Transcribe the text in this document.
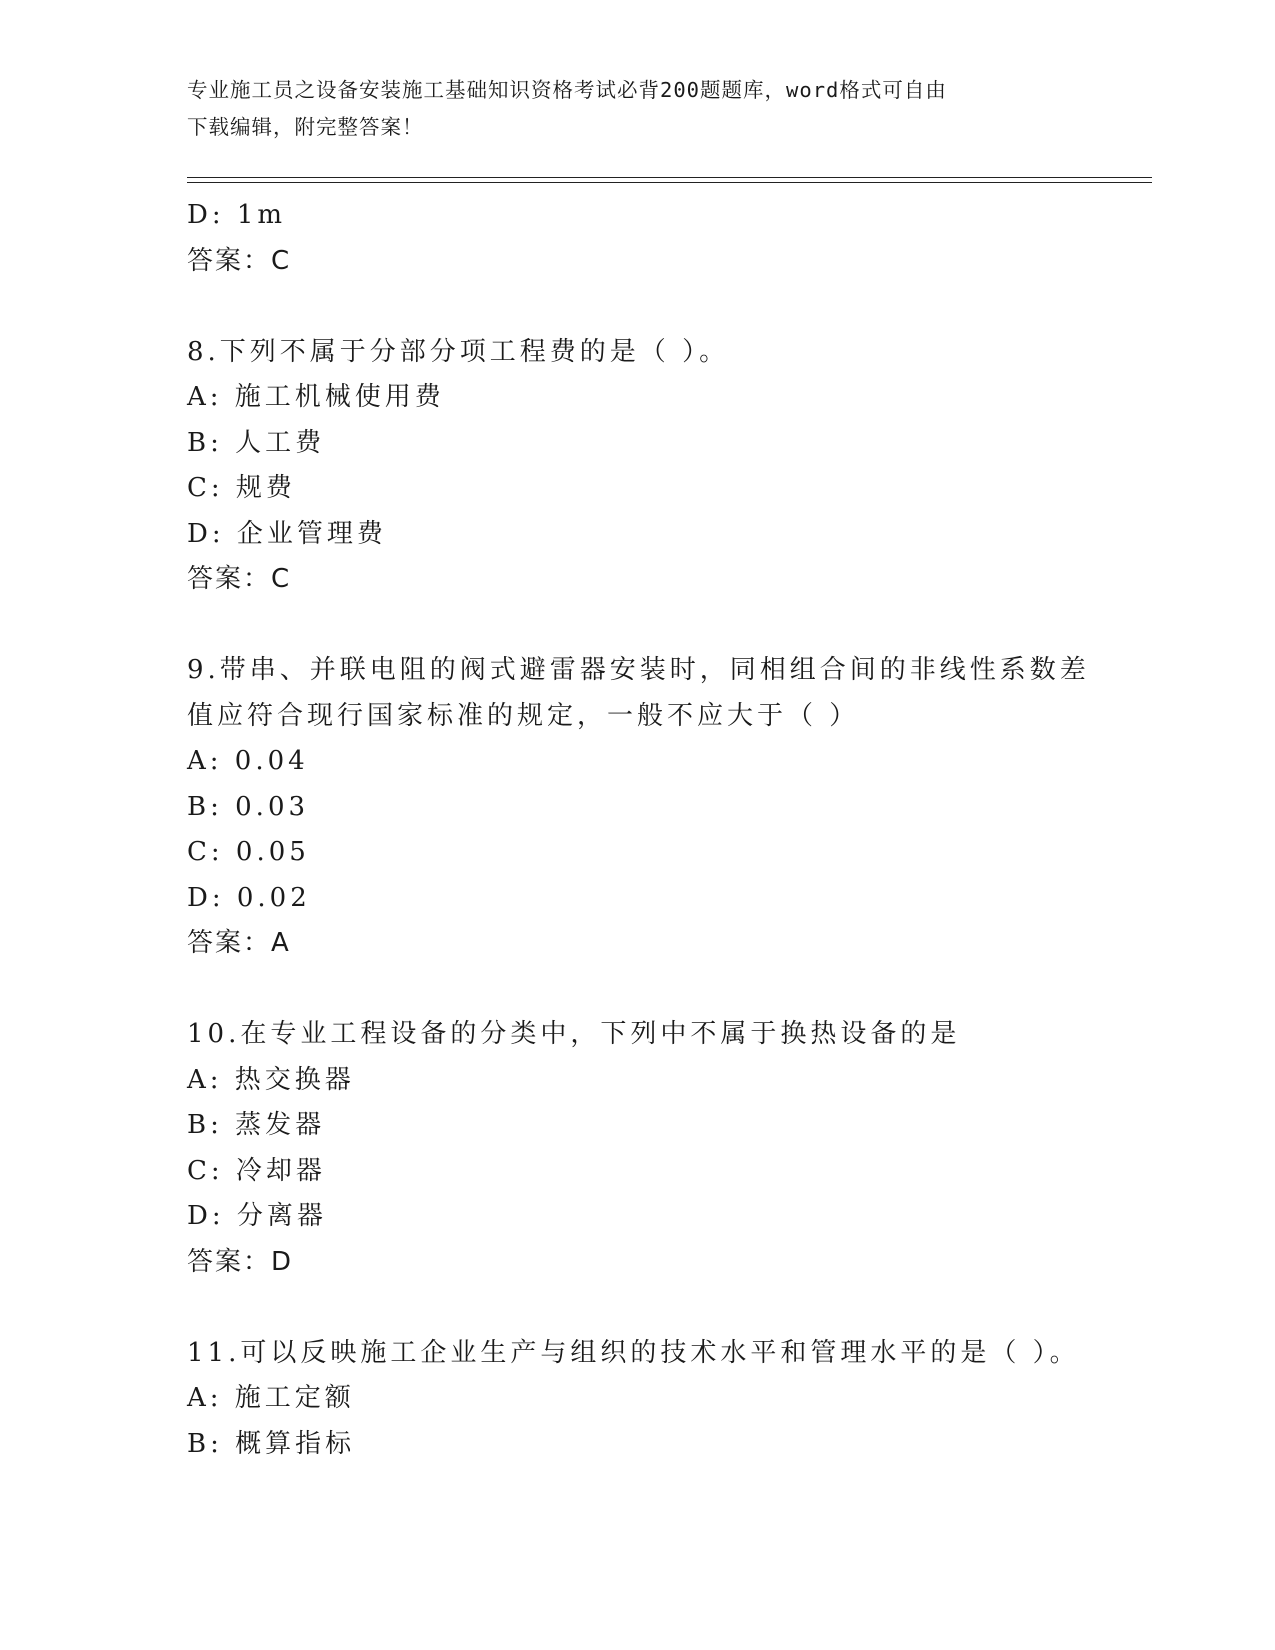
专业施工员之设备安装施工基础知识资格考试必背200题题库，word格式可自由
下载编辑，附完整答案！
D: 1m
答案：C
8.下列不属于分部分项工程费的是（ ）。
A: 施工机械使用费
B: 人工费
C: 规费
D: 企业管理费
答案：C
9.带串、并联电阻的阀式避雷器安装时，同相组合间的非线性系数差
值应符合现行国家标准的规定，一般不应大于（ ）
A: 0.04
B: 0.03
C: 0.05
D: 0.02
答案：A
10.在专业工程设备的分类中，下列中不属于换热设备的是
A: 热交换器
B: 蒸发器
C: 冷却器
D: 分离器
答案：D
11.可以反映施工企业生产与组织的技术水平和管理水平的是（ ）。
A: 施工定额
B: 概算指标
